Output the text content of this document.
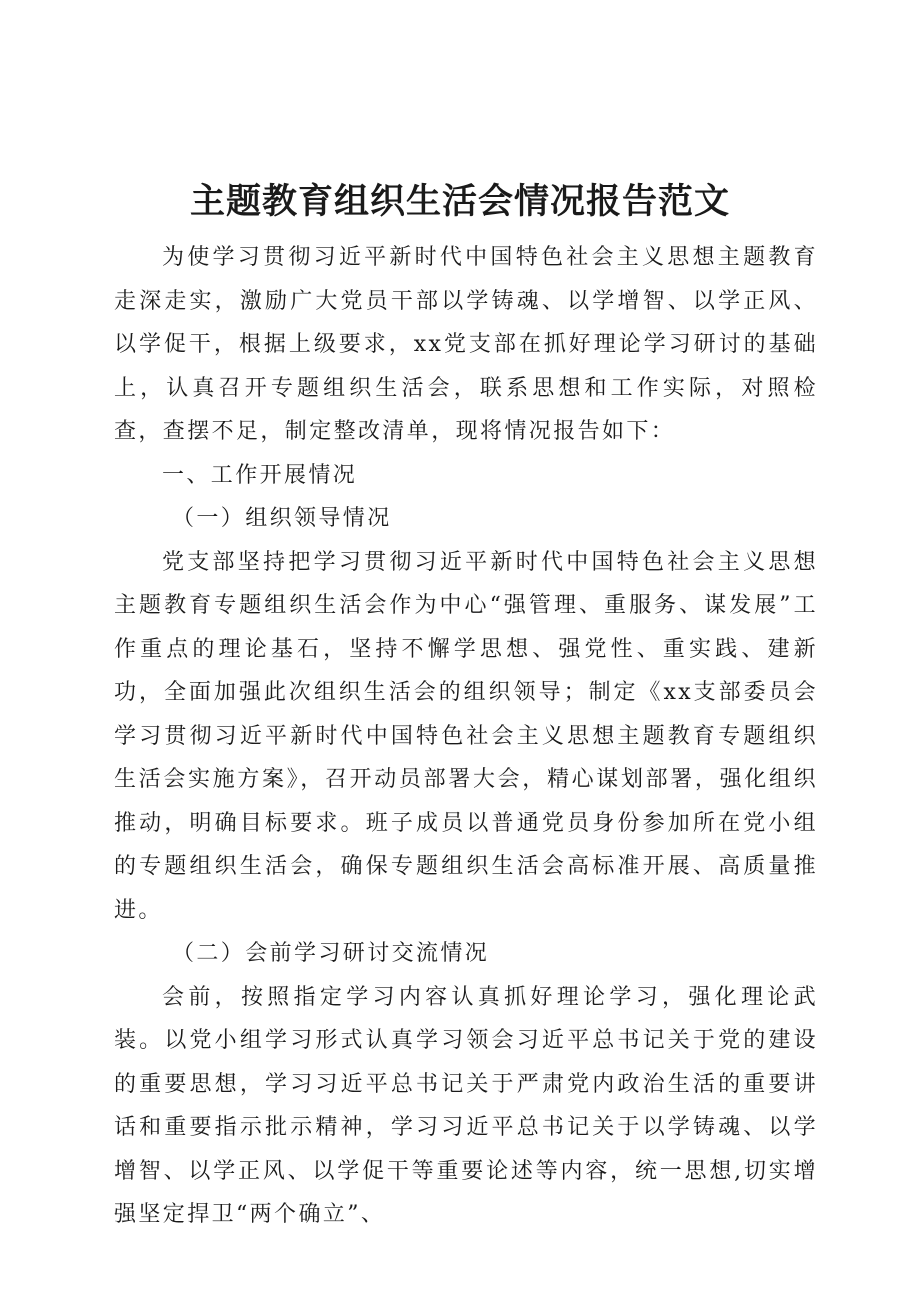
主题教育组织生活会情况报告范文

为使学习贯彻习近平新时代中国特色社会主义思想主题教育走深走实，激励广大党员干部以学铸魂、以学增智、以学正风、以学促干，根据上级要求，xx党支部在抓好理论学习研讨的基础上，认真召开专题组织生活会，联系思想和工作实际，对照检查，查摆不足，制定整改清单，现将情况报告如下：

一、工作开展情况

（一）组织领导情况

党支部坚持把学习贯彻习近平新时代中国特色社会主义思想主题教育专题组织生活会作为中心“强管理、重服务、谋发展”工作重点的理论基石，坚持不懈学思想、强党性、重实践、建新功，全面加强此次组织生活会的组织领导；制定《xx支部委员会学习贯彻习近平新时代中国特色社会主义思想主题教育专题组织生活会实施方案》，召开动员部署大会，精心谋划部署，强化组织推动，明确目标要求。班子成员以普通党员身份参加所在党小组的专题组织生活会，确保专题组织生活会高标准开展、高质量推进。

（二）会前学习研讨交流情况

会前，按照指定学习内容认真抓好理论学习，强化理论武装。以党小组学习形式认真学习领会习近平总书记关于党的建设的重要思想，学习习近平总书记关于严肃党内政治生活的重要讲话和重要指示批示精神，学习习近平总书记关于以学铸魂、以学增智、以学正风、以学促干等重要论述等内容，统一思想,切实增强坚定捍卫“两个确立”、
